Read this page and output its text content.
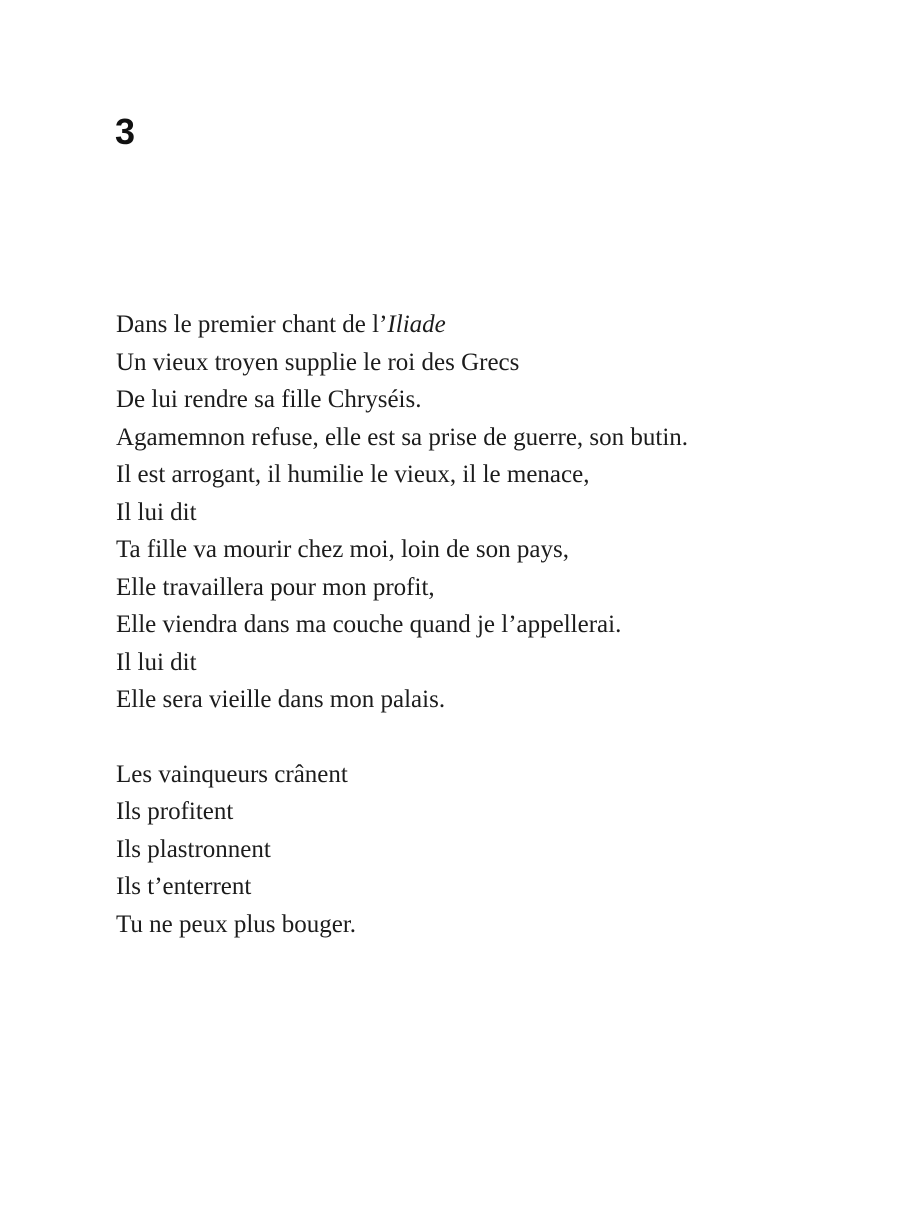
3

Dans le premier chant de l’Iliade
Un vieux troyen supplie le roi des Grecs
De lui rendre sa fille Chryséis.
Agamemnon refuse, elle est sa prise de guerre, son butin.
Il est arrogant, il humilie le vieux, il le menace,
Il lui dit
Ta fille va mourir chez moi, loin de son pays,
Elle travaillera pour mon profit,
Elle viendra dans ma couche quand je l’appellerai.
Il lui dit
Elle sera vieille dans mon palais.

Les vainqueurs crânent
Ils profitent
Ils plastronnent
Ils t’enterrent
Tu ne peux plus bouger.
